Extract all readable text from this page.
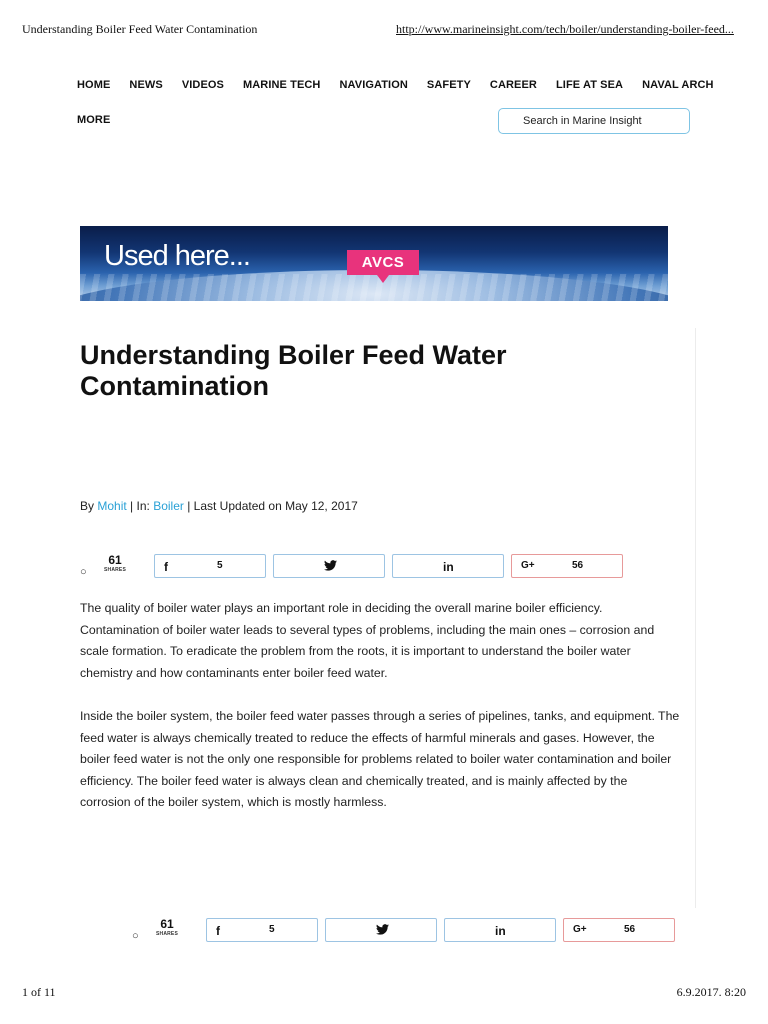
Understanding Boiler Feed Water Contamination	http://www.marineinsight.com/tech/boiler/understanding-boiler-feed...
HOME NEWS VIDEOS MARINE TECH NAVIGATION SAFETY CAREER LIFE AT SEA NAVAL ARCH
MORE	Search in Marine Insight
Used here...	AVCS
Understanding Boiler Feed Water Contamination
By Mohit | In: Boiler | Last Updated on May 12, 2017
○
61
SHARES	f	5	in	G+	56

The quality of boiler water plays an important role in deciding the overall marine boiler efficiency. Contamination of boiler water leads to several types of problems, including the main ones – corrosion and scale formation. To eradicate the problem from the roots, it is important to understand the boiler water chemistry and how contaminants enter boiler feed water.

Inside the boiler system, the boiler feed water passes through a series of pipelines, tanks, and equipment. The feed water is always chemically treated to reduce the effects of harmful minerals and gases. However, the boiler feed water is not the only one responsible for problems related to boiler water contamination and boiler efficiency. The boiler feed water is always clean and chemically treated, and is mainly affected by the corrosion of the boiler system, which is mostly harmless.

○
61
SHARES	f	5	in	G+	56
1 of 11	6.9.2017. 8:20
